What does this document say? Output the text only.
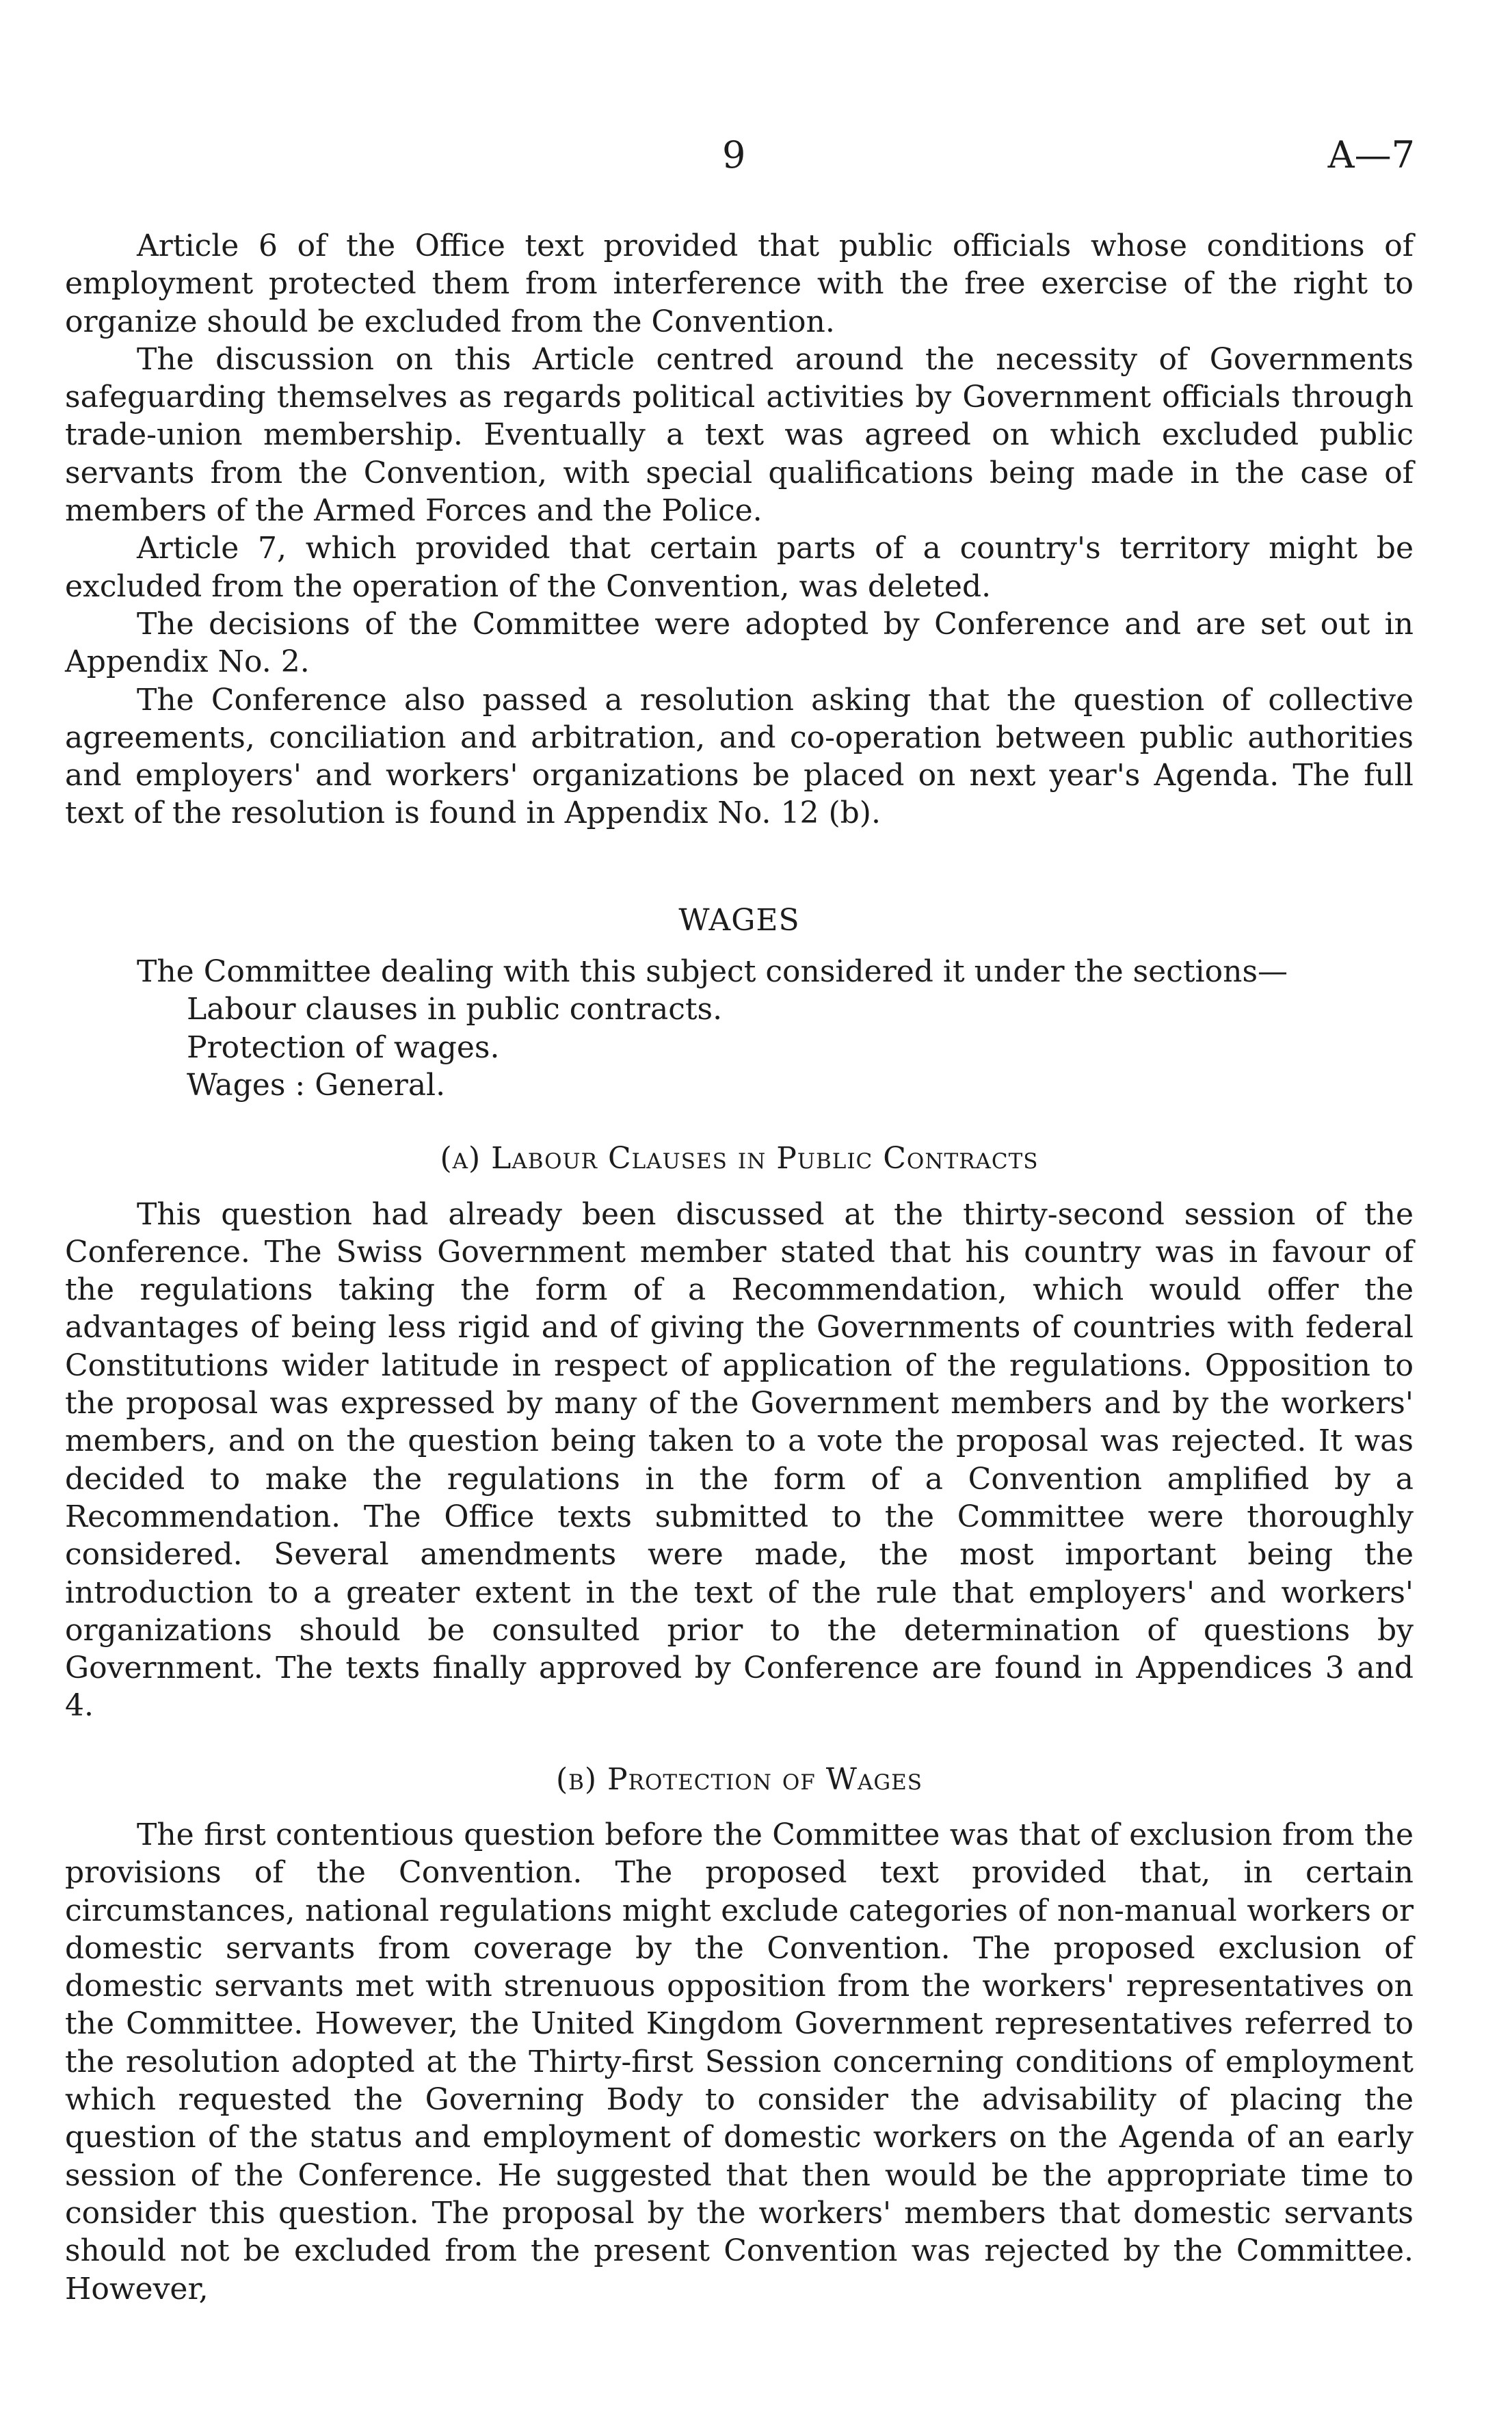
9	A—7

Article 6 of the Office text provided that public officials whose conditions of employment protected them from interference with the free exercise of the right to organize should be excluded from the Convention.

The discussion on this Article centred around the necessity of Governments safeguarding themselves as regards political activities by Government officials through trade-union membership. Eventually a text was agreed on which excluded public servants from the Convention, with special qualifications being made in the case of members of the Armed Forces and the Police.

Article 7, which provided that certain parts of a country's territory might be excluded from the operation of the Convention, was deleted.

The decisions of the Committee were adopted by Conference and are set out in Appendix No. 2.

The Conference also passed a resolution asking that the question of collective agreements, conciliation and arbitration, and co-operation between public authorities and employers' and workers' organizations be placed on next year's Agenda. The full text of the resolution is found in Appendix No. 12 (b).

WAGES

The Committee dealing with this subject considered it under the sections—

Labour clauses in public contracts.
Protection of wages.
Wages : General.

(a) Labour Clauses in Public Contracts

This question had already been discussed at the thirty-second session of the Conference. The Swiss Government member stated that his country was in favour of the regulations taking the form of a Recommendation, which would offer the advantages of being less rigid and of giving the Governments of countries with federal Constitutions wider latitude in respect of application of the regulations. Opposition to the proposal was expressed by many of the Government members and by the workers' members, and on the question being taken to a vote the proposal was rejected. It was decided to make the regulations in the form of a Convention amplified by a Recommendation. The Office texts submitted to the Committee were thoroughly considered. Several amendments were made, the most important being the introduction to a greater extent in the text of the rule that employers' and workers' organizations should be consulted prior to the determination of questions by Government. The texts finally approved by Conference are found in Appendices 3 and 4.

(b) Protection of Wages

The first contentious question before the Committee was that of exclusion from the provisions of the Convention. The proposed text provided that, in certain circumstances, national regulations might exclude categories of non-manual workers or domestic servants from coverage by the Convention. The proposed exclusion of domestic servants met with strenuous opposition from the workers' representatives on the Committee. However, the United Kingdom Government representatives referred to the resolution adopted at the Thirty-first Session concerning conditions of employment which requested the Governing Body to consider the advisability of placing the question of the status and employment of domestic workers on the Agenda of an early session of the Conference. He suggested that then would be the appropriate time to consider this question. The proposal by the workers' members that domestic servants should not be excluded from the present Convention was rejected by the Committee. However,
